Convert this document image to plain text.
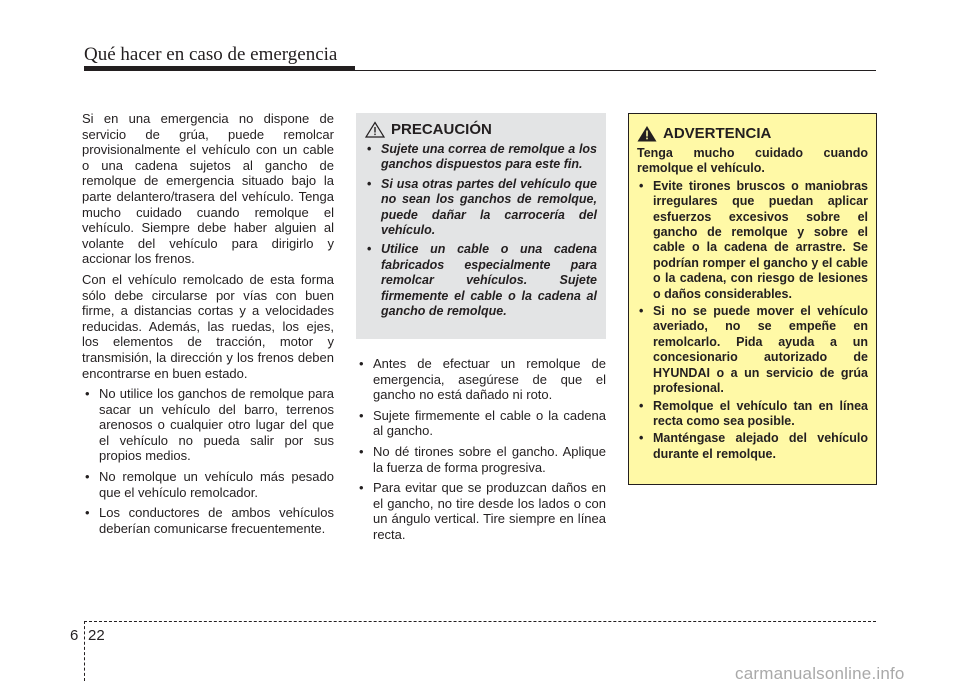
Qué hacer en caso de emergencia

Si en una emergencia no dispone de servicio de grúa, puede remolcar provisionalmente el vehículo con un cable o una cadena sujetos al gancho de remolque de emergencia situado bajo la parte delantero/trasera del vehículo. Tenga mucho cuidado cuando remolque el vehículo. Siempre debe haber alguien al volante del vehículo para dirigirlo y accionar los frenos.

Con el vehículo remolcado de esta forma sólo debe circularse por vías con buen firme, a distancias cortas y a velocidades reducidas. Además, las ruedas, los ejes, los elementos de tracción, motor y transmisión, la dirección y los frenos deben encontrarse en buen estado.

• No utilice los ganchos de remolque para sacar un vehículo del barro, terrenos arenosos o cualquier otro lugar del que el vehículo no pueda salir por sus propios medios.
• No remolque un vehículo más pesado que el vehículo remolcador.
• Los conductores de ambos vehículos deberían comunicarse frecuentemente.
PRECAUCIÓN
• Sujete una correa de remolque a los ganchos dispuestos para este fin.
• Si usa otras partes del vehículo que no sean los ganchos de remolque, puede dañar la carrocería del vehículo.
• Utilice un cable o una cadena fabricados especialmente para remolcar vehículos. Sujete firmemente el cable o la cadena al gancho de remolque.
• Antes de efectuar un remolque de emergencia, asegúrese de que el gancho no está dañado ni roto.
• Sujete firmemente el cable o la cadena al gancho.
• No dé tirones sobre el gancho. Aplique la fuerza de forma progresiva.
• Para evitar que se produzcan daños en el gancho, no tire desde los lados o con un ángulo vertical. Tire siempre en línea recta.
ADVERTENCIA

Tenga mucho cuidado cuando remolque el vehículo.

• Evite tirones bruscos o maniobras irregulares que puedan aplicar esfuerzos excesivos sobre el gancho de remolque y sobre el cable o la cadena de arrastre. Se podrían romper el gancho y el cable o la cadena, con riesgo de lesiones o daños considerables.
• Si no se puede mover el vehículo averiado, no se empeñe en remolcarlo. Pida ayuda a un concesionario autorizado de HYUNDAI o a un servicio de grúa profesional.
• Remolque el vehículo tan en línea recta como sea posible.
• Manténgase alejado del vehículo durante el remolque.
6 22
carmanualsonline.info
